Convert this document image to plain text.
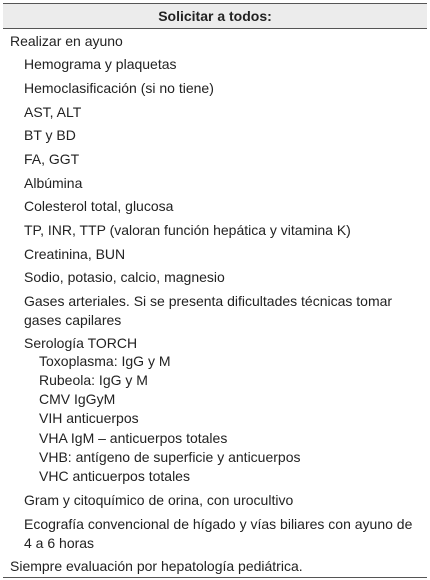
Solicitar a todos:
Realizar en ayuno
Hemograma y plaquetas
Hemoclasificación (si no tiene)
AST, ALT
BT y BD
FA, GGT
Albúmina
Colesterol total, glucosa
TP, INR, TTP (valoran función hepática y vitamina K)
Creatinina, BUN
Sodio, potasio, calcio, magnesio
Gases arteriales. Si se presenta dificultades técnicas tomar gases capilares
Serología TORCH
Toxoplasma: IgG y M
Rubeola: IgG y M
CMV IgGyM
VIH anticuerpos
VHA IgM – anticuerpos totales
VHB: antígeno de superficie y anticuerpos
VHC anticuerpos totales
Gram y citoquímico de orina, con urocultivo
Ecografía convencional de hígado y vías biliares con ayuno de 4 a 6 horas
Siempre evaluación por hepatología pediátrica.
